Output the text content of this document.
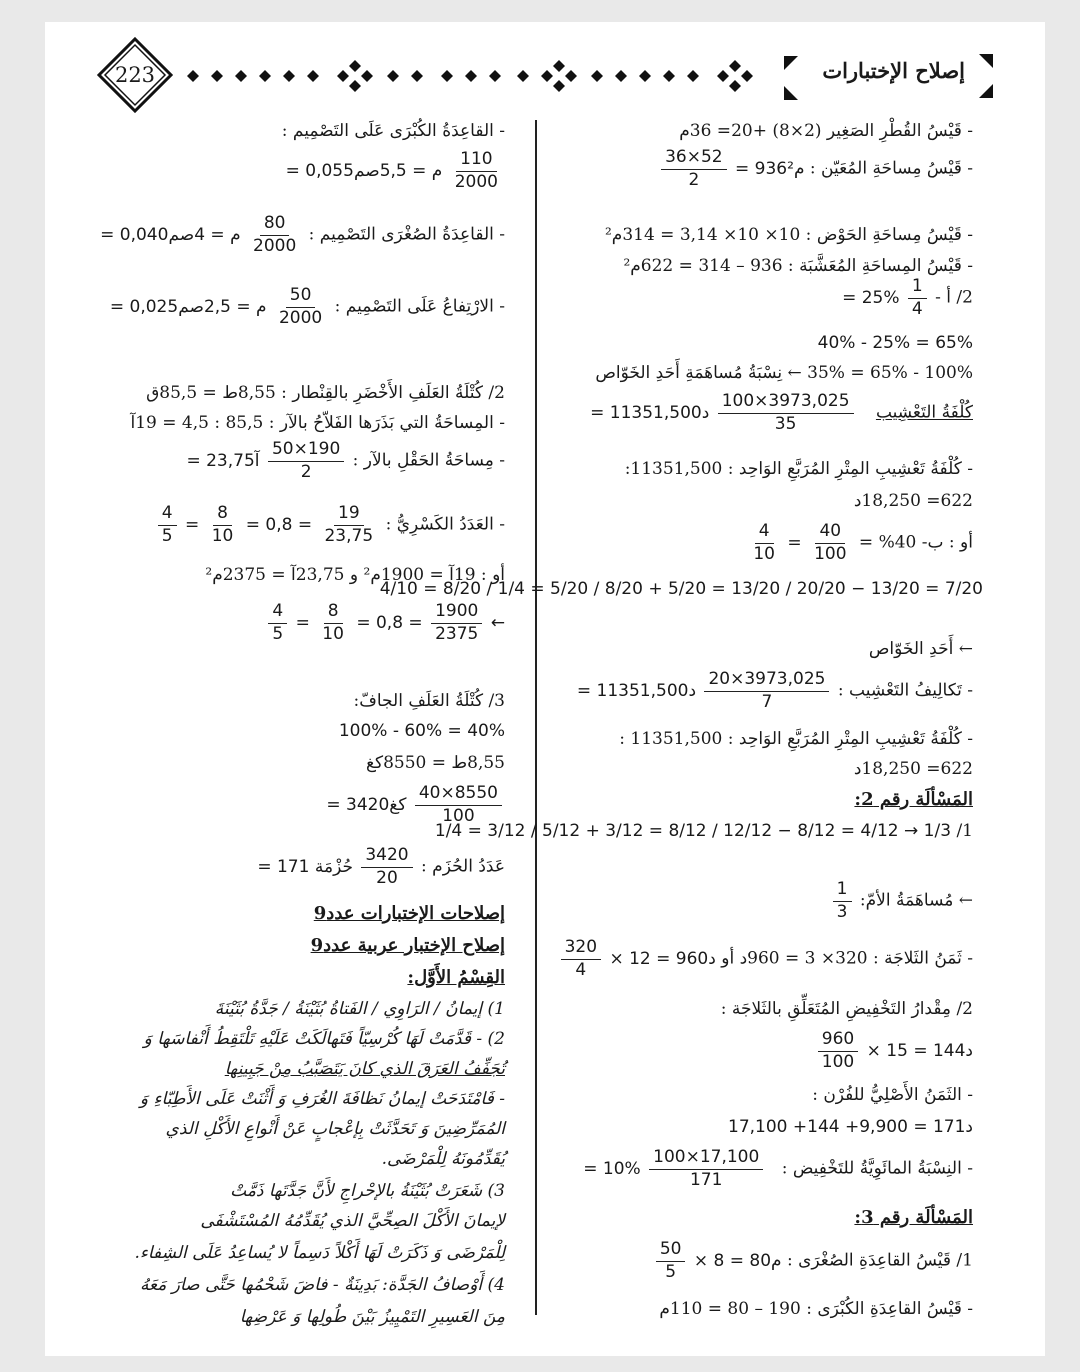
223	إصلاح الإختبارات
- قَيْسُ القُطْرِ الصَغِير (2×8) +20= 36م
- قَيْسُ مِساحَةِ المُعَيّن :
$\frac{36\times 52}{2}$ = 936م²
- قَيْسُ مِساحَةِ الحَوْض : 10× 10× 3,14 = 314م²
- قَيْسُ المِساحَةِ المُعَشَّبَة : 936 – 314 = 622م²
2/ أ - = $25\% \frac{1}{4}$
40% - 25% = 65%
100% - 65% = 35% ← نِسْبَةُ مُساهَمَةِ أَحَدِ الخَوّاص
كُلْفَةُ التَعْشِيب
$\frac{100\times 3973,025}{35}$
= 11351,500د
- كُلْفَةُ تَعْشِيبِ المِتْرِ المُرَبَّعِ الوَاحِد : 11351,500:
622= 18,250د
أو : ب- 40% =
$\frac{4}{10} = \frac{40}{100}$
4/10 = 8/20 ∕ 1/4 = 5/20 ∕ 8/20 + 5/20 = 13/20 ∕ 20/20 − 13/20 = 7/20
← أَحَدِ الخَوّاص
- تَكالِيفُ التَعْشِيب : = 11351,500د $\frac{20\times 3973,025}{7}$
- كُلْفَةُ تَعْشِيبِ المِتْرِ المُرَبَّعِ الوَاحِد : 11351,500 :
622= 18,250د
المَسْألَة رقم 2:
1/ 1/4 = 3/12 ∕ 5/12 + 3/12 = 8/12 ∕ 12/12 − 8/12 = 4/12 → 1/3
← مُساهَمَةُ الأمّ:
$\frac{1}{3}$
- ثَمَنُ الثَلاجَة : 320× 3 = 960د أو
$\frac{320}{4} \times 12$ = 960د
2/ مِقْدارُ التَخْفِيضِ المُتَعَلِّقِ بالثَلاجَة :
$\frac{960}{100} \times 15$ = 144د
- الثَمَنُ الأَصْلِيُّ للفُرْن :
17,100 +144 +9,900 = 171د
- النِسْبَةُ المائَوِيَّةُ للتَخْفِيض :
$\frac{100\times 17,100}{171}$
= 10%
المَسْألَة رقم 3:
1/ قَيْسُ القاعِدَةِ الصُغْرَى :
$\frac{50}{5} \times 8$ = 80م
- قَيْسُ القاعِدَةِ الكُبْرَى : 190 – 80 = 110م
- القاعِدَةُ الكُبْرَى عَلَى التَصْمِيم :
= 0,055م = 5,5صم $\frac{110}{2000}$
- القاعِدَةُ الصُغْرَى التَصْمِيم : = 0,040م = 4صم $\frac{80}{2000}$
- الارْتِفاعُ عَلَى التَصْمِيم : = 0,025م = 2,5صم $\frac{50}{2000}$
2/ كُتْلَةُ العَلَفِ الأَخْضَرِ بالقِنْطار : 8,55ط = 85,5ق
- المِساحَةُ التي بَذَرَها الفَلاّحُ بالآر : 85,5 : 4,5 = 19آ
- مِساحَةُ الحَقْلِ بالآر : = 23,75آ $\frac{50\times 190}{2}$
- العَدَدُ الكَسْرِيُّ :
$\frac{4}{5} = \frac{8}{10} = 0,8 = \frac{19}{23,75}$
أو : 19آ = 1900م² و 23,75آ = 2375م²
$\frac{4}{5} = \frac{8}{10} = 0,8 = \frac{1900}{2375}$ ←
3/ كُتْلَةُ العَلَفِ الجافّ:
100% - 60% = 40%
8,55ط = 8550كغ
= 3420كغ $\frac{40\times 8550}{100}$
عَدَدُ الحُزَم : = 171 حُزْمَة $\frac{3420}{20}$
إصلاحات الإختبارات عدد9
إصلاح الإختبار عربية عدد9
القِسْمُ الأَوَّل:
1) إيمانُ / الرَاوِي / الفَتاةُ بُثَيْنَةُ / جَدَّةُ بُثَيْنَةَ
2) - قَدَّمَتْ لَهَا كُرْسِيّاً فَتَهالَكَتْ عَلَيْهِ تَلْتَقِطُ أَنْفاسَها وَ
تُجَفِّفُ العَرَقَ الذي كانَ يَتَصَبَّبُ مِنْ جَبِينِها
- فَامْتَدَحَتْ إيمانُ نَظافَةَ الغُرَفِ وَ أَثْنَتْ عَلَى الأَطِبّاءِ وَ
المُمَرِّضِينَ وَ تَحَدَّثَتْ بِإعْجابٍ عَنْ أَنْواعِ الأَكْلِ الذي
يُقَدِّمُونَهُ لِلْمَرْضَى.
3) شَعَرَتْ بُثَيْنَةُ بالإحْراجِ لأَنَّ جَدَّتَها ذَمَّتْ
لإيمانَ الأَكْلَ الصِحِّيَّ الذي يُقَدِّمُهُ المُسْتَشْفَى
لِلْمَرْضَى وَ ذَكَرَتْ لَهَا أَكْلاً دَسِماً لا يُساعِدُ عَلَى الشِفاء.
4) أَوْصافُ الجَدَّة: بَدِينَةٌ - فاضَ شَحْمُها حَتَّى صارَ مَعَهُ
مِنَ العَسِيرِ التَمْيِيزُ بَيْنَ طُولِها وَ عَرْضِها
